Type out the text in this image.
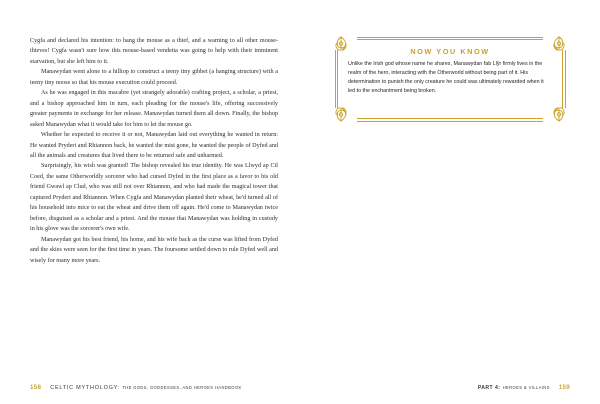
Cygfa and declared his intention: to hang the mouse as a thief, and a warning to all other mouse-thieves! Cygfa wasn't sure how this mouse-based vendetta was going to help with their imminent starvation, but she left him to it.

Manawydan went alone to a hilltop to construct a teeny tiny gibbet (a hanging structure) with a teeny tiny noose so that his mouse execution could proceed.

As he was engaged in this macabre (yet strangely adorable) crafting project, a scholar, a priest, and a bishop approached him in turn, each pleading for the mouse's life, offering successively greater payments in exchange for her release. Manawydan turned them all down. Finally, the bishop asked Manawydan what it would take for him to let the mouse go.

Whether he expected to receive it or not, Manawydan laid out everything he wanted in return: He wanted Pryderi and Rhiannon back, he wanted the mist gone, he wanted the people of Dyfed and all the animals and creatures that lived there to be returned safe and unharmed.

Surprisingly, his wish was granted! The bishop revealed his true identity. He was Llwyd ap Cil Coed, the same Otherworldly sorcerer who had cursed Dyfed in the first place as a favor to his old friend Gwawl ap Clud, who was still not over Rhiannon, and who had made the magical tower that captured Pryderi and Rhiannon. When Cygfa and Manawydan planted their wheat, he'd turned all of his household into mice to eat the wheat and drive them off again. He'd come to Manawydan twice before, disguised as a scholar and a priest. And the mouse that Manawydan was holding in custody in his glove was the sorcerer's own wife.

Manawydan got his best friend, his home, and his wife back as the curse was lifted from Dyfed and the skies were seen for the first time in years. The foursome settled down to rule Dyfed well and wisely for many more years.

158 CELTIC MYTHOLOGY: THE GODS, GODDESSES, AND HEROES HANDBOOK
NOW YOU KNOW
Unlike the Irish god whose name he shares, Manawydan fab Llŷr firmly lives in the realm of the hero, interacting with the Otherworld without being part of it. His determination to punish the only creature he could was ultimately rewarded when it led to the enchantment being broken.
PART 4: HEROES & VILLAINS 159
